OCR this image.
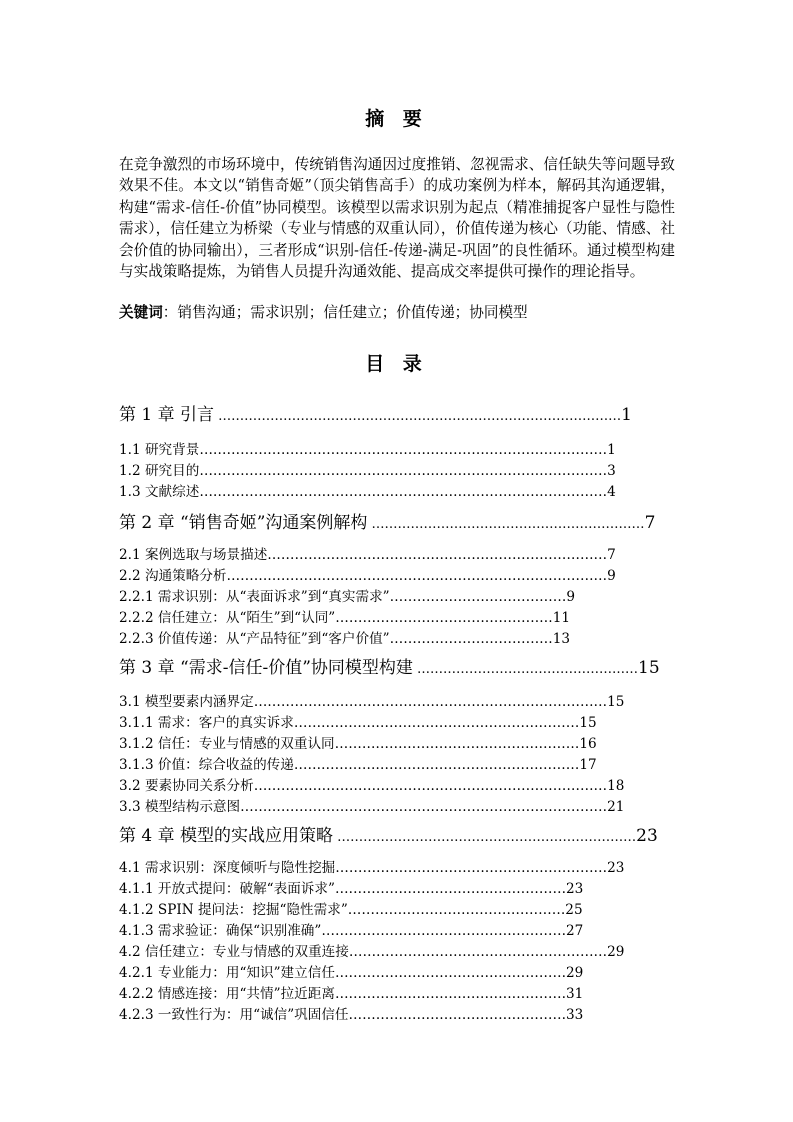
摘 要
在竞争激烈的市场环境中，传统销售沟通因过度推销、忽视需求、信任缺失等问题导致效果不佳。本文以“销售奇姬”（顶尖销售高手）的成功案例为样本，解码其沟通逻辑，构建“需求-信任-价值”协同模型。该模型以需求识别为起点（精准捕捉客户显性与隐性需求），信任建立为桥梁（专业与情感的双重认同），价值传递为核心（功能、情感、社会价值的协同输出），三者形成“识别-信任-传递-满足-巩固”的良性循环。通过模型构建与实战策略提炼，为销售人员提升沟通效能、提高成交率提供可操作的理论指导。
关键词：销售沟通；需求识别；信任建立；价值传递；协同模型
目 录
第 1 章 引言 …………………………………………………………………………………1
1.1 研究背景………………………………………………………………………………1
1.2 研究目的………………………………………………………………………………3
1.3 文献综述………………………………………………………………………………4
第 2 章 “销售奇姬”沟通案例解构 ………………………………………………………7
2.1 案例选取与场景描述…………………………………………………………………7
2.2 沟通策略分析…………………………………………………………………………9
2.2.1 需求识别：从“表面诉求”到“真实需求”…………………………………9
2.2.2 信任建立：从“陌生”到“认同”…………………………………………11
2.2.3 价值传递：从“产品特征”到“客户价值”………………………………13
第 3 章 “需求-信任-价值”协同模型构建 ……………………………………………15
3.1 模型要素内涵界定……………………………………………………………………15
3.1.1 需求：客户的真实诉求………………………………………………………15
3.1.2 信任：专业与情感的双重认同………………………………………………16
3.1.3 价值：综合收益的传递………………………………………………………17
3.2 要素协同关系分析……………………………………………………………………18
3.3 模型结构示意图………………………………………………………………………21
第 4 章 模型的实战应用策略 ……………………………………………………………23
4.1 需求识别：深度倾听与隐性挖掘……………………………………………………23
4.1.1 开放式提问：破解“表面诉求”……………………………………………23
4.1.2 SPIN 提问法：挖掘“隐性需求”…………………………………………25
4.1.3 需求验证：确保“识别准确”………………………………………………27
4.2 信任建立：专业与情感的双重连接…………………………………………………29
4.2.1 专业能力：用“知识”建立信任……………………………………………29
4.2.2 情感连接：用“共情”拉近距离……………………………………………31
4.2.3 一致性行为：用“诚信”巩固信任…………………………………………33
